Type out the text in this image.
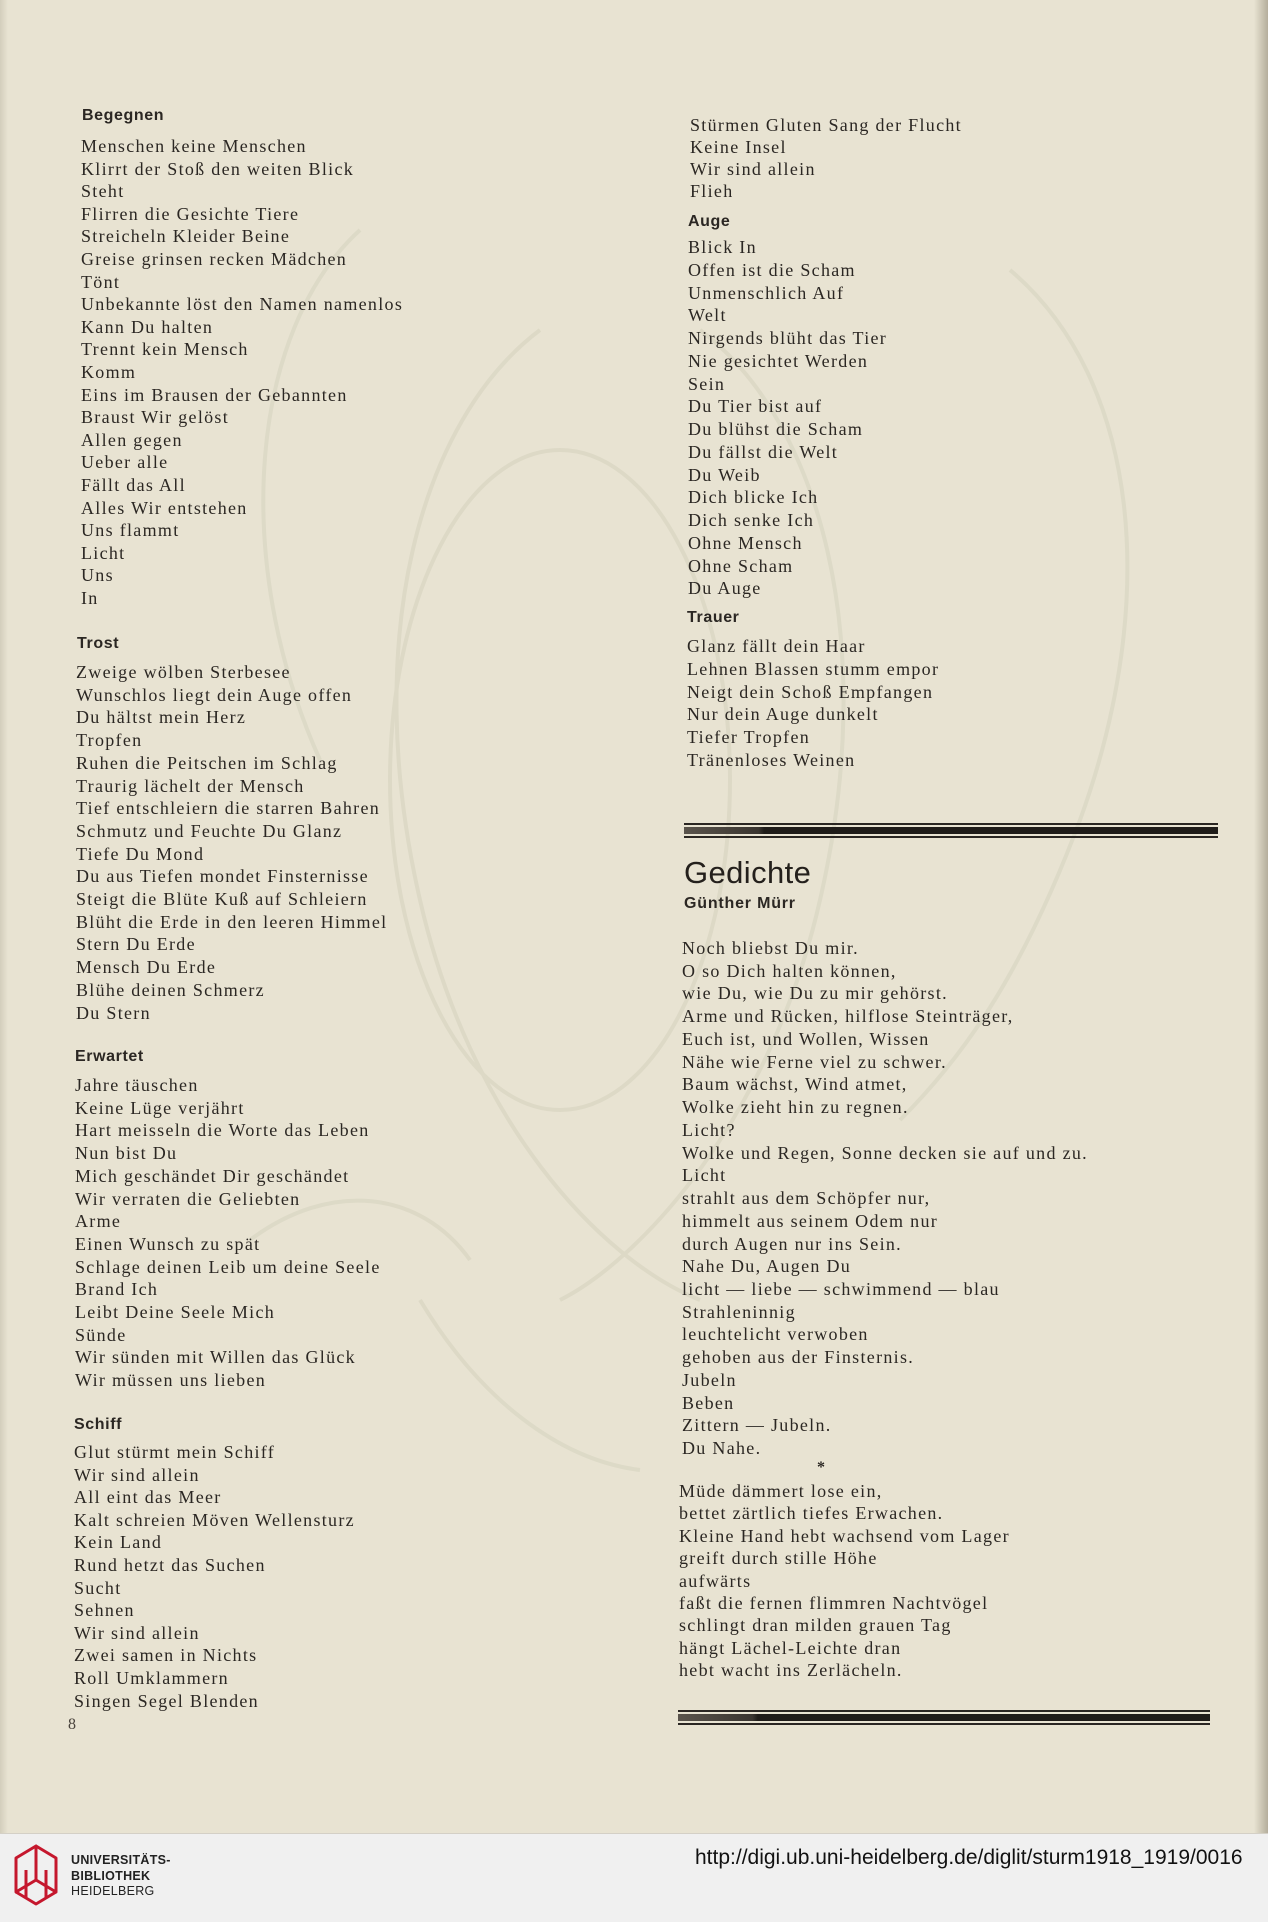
Begegnen
Menschen keine Menschen
Klirrt der Stoß den weiten Blick
Steht
Flirren die Gesichte Tiere
Streicheln Kleider Beine
Greise grinsen recken Mädchen
Tönt
Unbekannte löst den Namen namenlos
Kann Du halten
Trennt kein Mensch
Komm
Eins im Brausen der Gebannten
Braust Wir gelöst
Allen gegen
Ueber alle
Fällt das All
Alles Wir entstehen
Uns flammt
Licht
Uns
In
Trost
Zweige wölben Sterbesee
Wunschlos liegt dein Auge offen
Du hältst mein Herz
Tropfen
Ruhen die Peitschen im Schlag
Traurig lächelt der Mensch
Tief entschleiern die starren Bahren
Schmutz und Feuchte Du Glanz
Tiefe Du Mond
Du aus Tiefen mondet Finsternisse
Steigt die Blüte Kuß auf Schleiern
Blüht die Erde in den leeren Himmel
Stern Du Erde
Mensch Du Erde
Blühe deinen Schmerz
Du Stern
Erwartet
Jahre täuschen
Keine Lüge verjährt
Hart meisseln die Worte das Leben
Nun bist Du
Mich geschändet Dir geschändet
Wir verraten die Geliebten
Arme
Einen Wunsch zu spät
Schlage deinen Leib um deine Seele
Brand Ich
Leibt Deine Seele Mich
Sünde
Wir sünden mit Willen das Glück
Wir müssen uns lieben
Schiff
Glut stürmt mein Schiff
Wir sind allein
All eint das Meer
Kalt schreien Möven Wellensturz
Kein Land
Rund hetzt das Suchen
Sucht
Sehnen
Wir sind allein
Zwei samen in Nichts
Roll Umklammern
Singen Segel Blenden
8
Stürmen Gluten Sang der Flucht
Keine Insel
Wir sind allein
Flieh
Auge
Blick In
Offen ist die Scham
Unmenschlich Auf
Welt
Nirgends blüht das Tier
Nie gesichtet Werden
Sein
Du Tier bist auf
Du blühst die Scham
Du fällst die Welt
Du Weib
Dich blicke Ich
Dich senke Ich
Ohne Mensch
Ohne Scham
Du Auge
Trauer
Glanz fällt dein Haar
Lehnen Blassen stumm empor
Neigt dein Schoß Empfangen
Nur dein Auge dunkelt
Tiefer Tropfen
Tränenloses Weinen
Gedichte
Günther Mürr
Noch bliebst Du mir.
O so Dich halten können,
wie Du, wie Du zu mir gehörst.
Arme und Rücken, hilflose Steinträger,
Euch ist, und Wollen, Wissen
Nähe wie Ferne viel zu schwer.
Baum wächst, Wind atmet,
Wolke zieht hin zu regnen.
Licht?
Wolke und Regen, Sonne decken sie auf und zu.
Licht
strahlt aus dem Schöpfer nur,
himmelt aus seinem Odem nur
durch Augen nur ins Sein.
Nahe Du, Augen Du
licht — liebe — schwimmend — blau
Strahleninnig
leuchtelicht verwoben
gehoben aus der Finsternis.
Jubeln
Beben
Zittern — Jubeln.
Du Nahe.
*
Müde dämmert lose ein,
bettet zärtlich tiefes Erwachen.
Kleine Hand hebt wachsend vom Lager
greift durch stille Höhe
aufwärts
faßt die fernen flimmren Nachtvögel
schlingt dran milden grauen Tag
hängt Lächel-Leichte dran
hebt wacht ins Zerlächeln.
UNIVERSITÄTS-
BIBLIOTHEK
HEIDELBERG
http://digi.ub.uni-heidelberg.de/diglit/sturm1918_1919/0016
